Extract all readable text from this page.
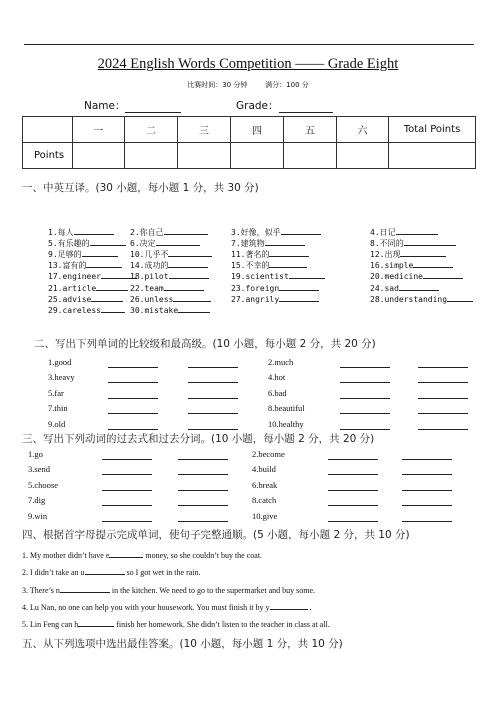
2024 English Words Competition —— Grade Eight
比赛时间：30 分钟	满分：100 分
Name：	Grade：
	一	二	三	四	五	六	Total Points
Points							
一、中英互译。(30 小题，每小题 1 分，共 30 分)
1.每人	2.你自己	3.好像，似乎	4.日记
5.有乐趣的	6.决定	7.建筑物	8.不同的
9.足够的	10.几乎不	11.著名的	12.出现
13.富有的	14.成功的	15.不幸的	16.simple
17.engineer	18.pilot	19.scientist	20.medicine
21.article	22.team	23.foreign	24.sad
25.advise	26.unless	27.angrily	28.understanding
29.careless	30.mistake
二、写出下列单词的比较级和最高级。(10 小题，每小题 2 分，共 20 分)
1.good	2.much
3.heavy	4.hot
5.far	6.bad
7.thin	8.beautiful
9.old	10.healthy
三、写出下列动词的过去式和过去分词。(10 小题，每小题 2 分，共 20 分)
1.go	2.become
3.send	4.build
5.choose	6.break
7.dig	8.catch
9.win	10.give
四、根据首字母提示完成单词，使句子完整通顺。(5 小题，每小题 2 分，共 10 分)
1. My mother didn’t have e	money, so she couldn’t buy the coat.
2. I didn’t take an u	so I got wet in the rain.
3. There’s n	in the kitchen. We need to go to the supermarket and buy some.
4. Lu Nan, no one can help you with your housework. You must finish it by y	.
5. Lin Feng can h	finish her homework. She didn’t listen to the teacher in class at all.
五、从下列选项中选出最佳答案。(10 小题，每小题 1 分，共 10 分)
